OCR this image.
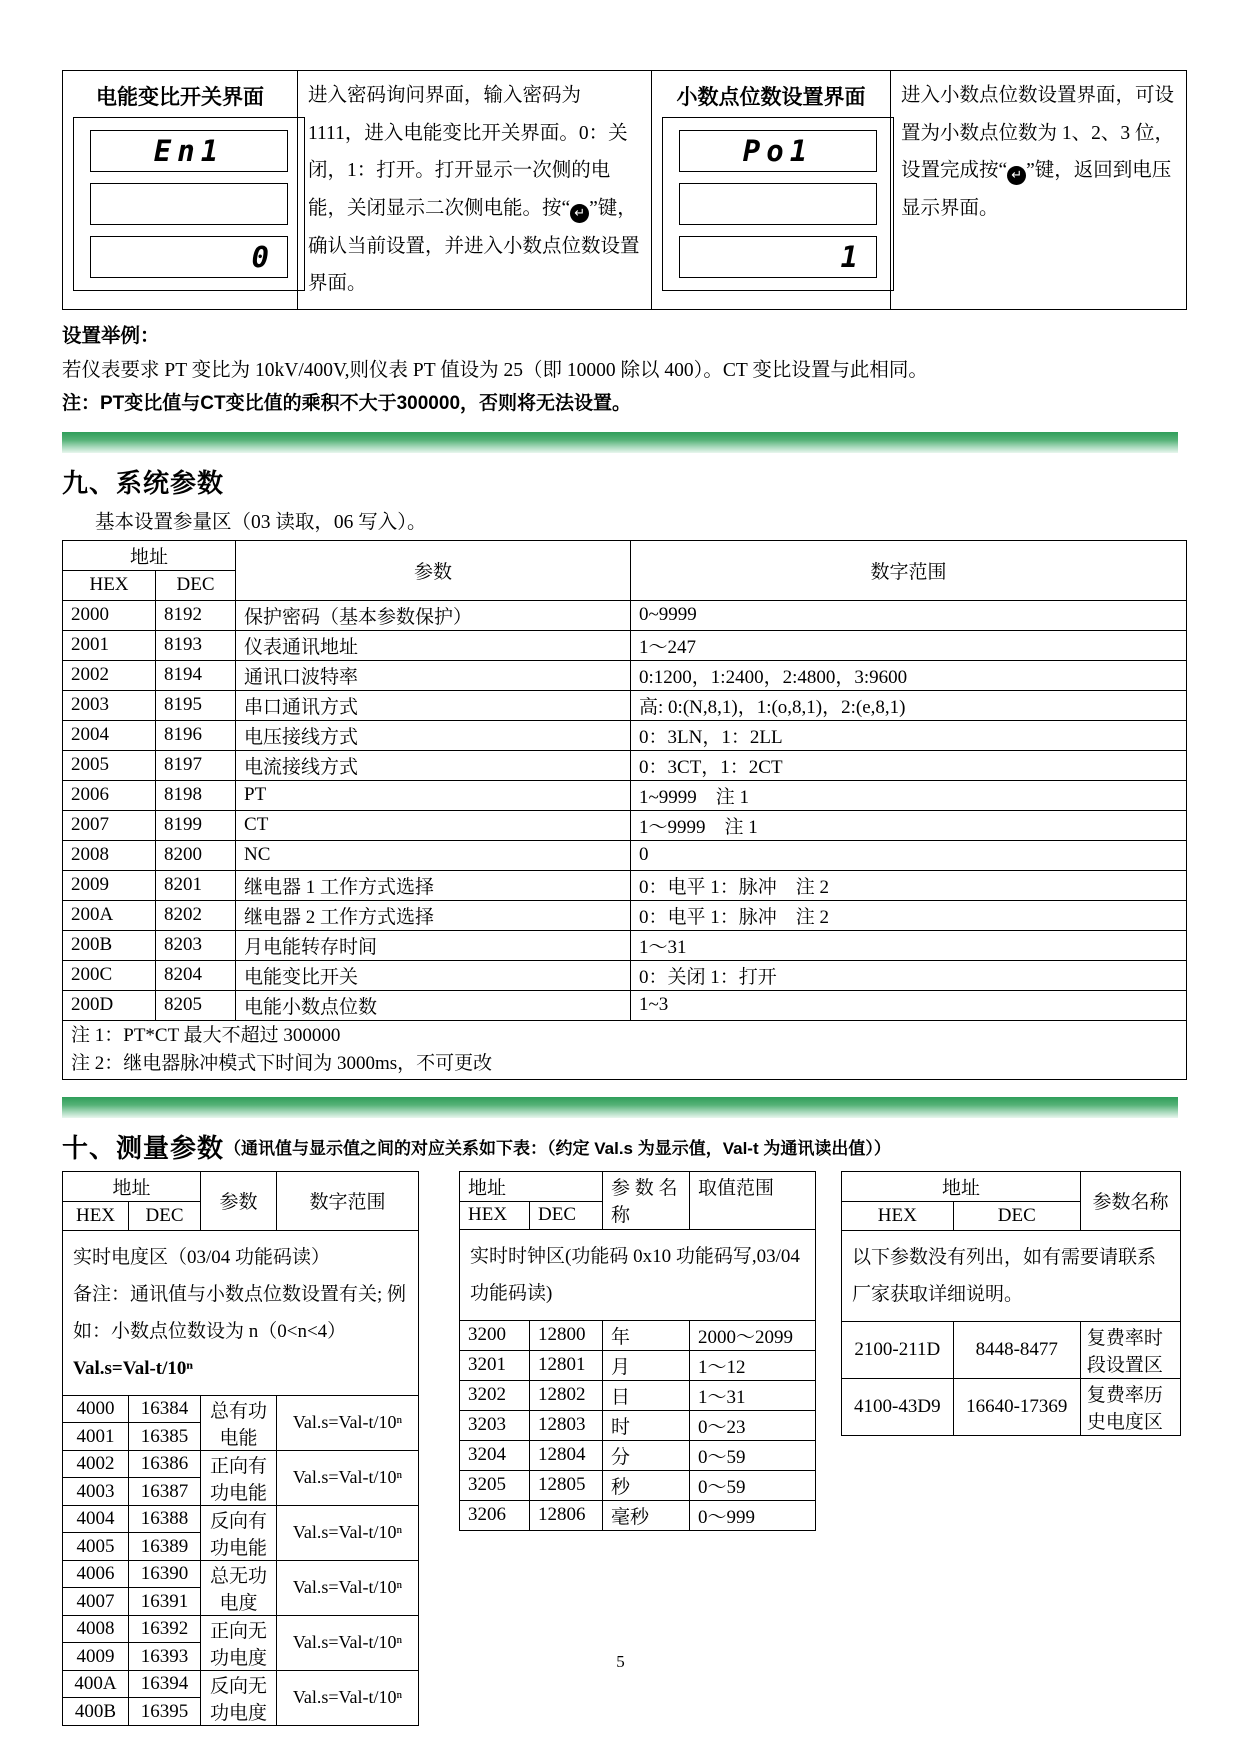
电能变比开关界面
En1
0

进入密码询问界面，输入密码为 1111，进入电能变比开关界面。0：关闭，1：打开。打开显示一次侧的电能，关闭显示二次侧电能。按“ ↵ ”键，确认当前设置，并进入小数点位数设置界面。

小数点位数设置界面
Po1
1

进入小数点位数设置界面，可设置为小数点位数为 1、2、3 位，设置完成按“ ↵ ”键，返回到电压显示界面。

设置举例：

若仪表要求 PT 变比为 10kV/400V,则仪表 PT 值设为 25（即 10000 除以 400）。CT 变比设置与此相同。

注：PT变比值与CT变比值的乘积不大于300000，否则将无法设置。

九、系统参数

基本设置参量区（03 读取，06 写入）。

地址		参数	数字范围
HEX	DEC		
2000	8192	保护密码（基本参数保护）	0~9999
2001	8193	仪表通讯地址	1～247
2002	8194	通讯口波特率	0:1200，1:2400，2:4800，3:9600
2003	8195	串口通讯方式	高: 0:(N,8,1)，1:(o,8,1)，2:(e,8,1)
2004	8196	电压接线方式	0：3LN，1：2LL
2005	8197	电流接线方式	0：3CT，1：2CT
2006	8198	PT	1~9999　注 1
2007	8199	CT	1～9999　注 1
2008	8200	NC	0
2009	8201	继电器 1 工作方式选择	0：电平 1：脉冲　注 2
200A	8202	继电器 2 工作方式选择	0：电平 1：脉冲　注 2
200B	8203	月电能转存时间	1～31
200C	8204	电能变比开关	0：关闭 1：打开
200D	8205	电能小数点位数	1~3

注 1：PT*CT 最大不超过 300000
注 2：继电器脉冲模式下时间为 3000ms，不可更改			
十、测量参数（通讯值与显示值之间的对应关系如下表：（约定 Val.s 为显示值，Val-t 为通讯读出值））
实时电度区（03/04 功能码读）
备注：通讯值与小数点位数设置有关; 例如：小数点位数设为 n（0<n<4）
Val.s=Val-t/10ⁿ			

地址		参数	数字范围
HEX	DEC		
4000	16384	总有功电能	Val.s=Val-t/10ⁿ
4001	16385		
4002	16386	正向有功电能	Val.s=Val-t/10ⁿ
4003	16387		
4004	16388	反向有功电能	Val.s=Val-t/10ⁿ
4005	16389		
4006	16390	总无功电度	Val.s=Val-t/10ⁿ
4007	16391		
4008	16392	正向无功电度	Val.s=Val-t/10ⁿ
4009	16393		
400A	16394	反向无功电度	Val.s=Val-t/10ⁿ
400B	16395		
实时时钟区(功能码 0x10 功能码写,03/04 功能码读)			
地址		参 数 名 称	取值范围
HEX	DEC		
3200	12800	年	2000～2099
3201	12801	月	1～12
3202	12802	日	1～31
3203	12803	时	0～23
3204	12804	分	0～59
3205	12805	秒	0～59
3206	12806	毫秒	0～999
以下参数没有列出，如有需要请联系厂家获取详细说明。		
地址		参数名称
HEX	DEC	
2100-211D	8448-8477	复费率时段设置区
4100-43D9	16640-17369	复费率历史电度区
5
